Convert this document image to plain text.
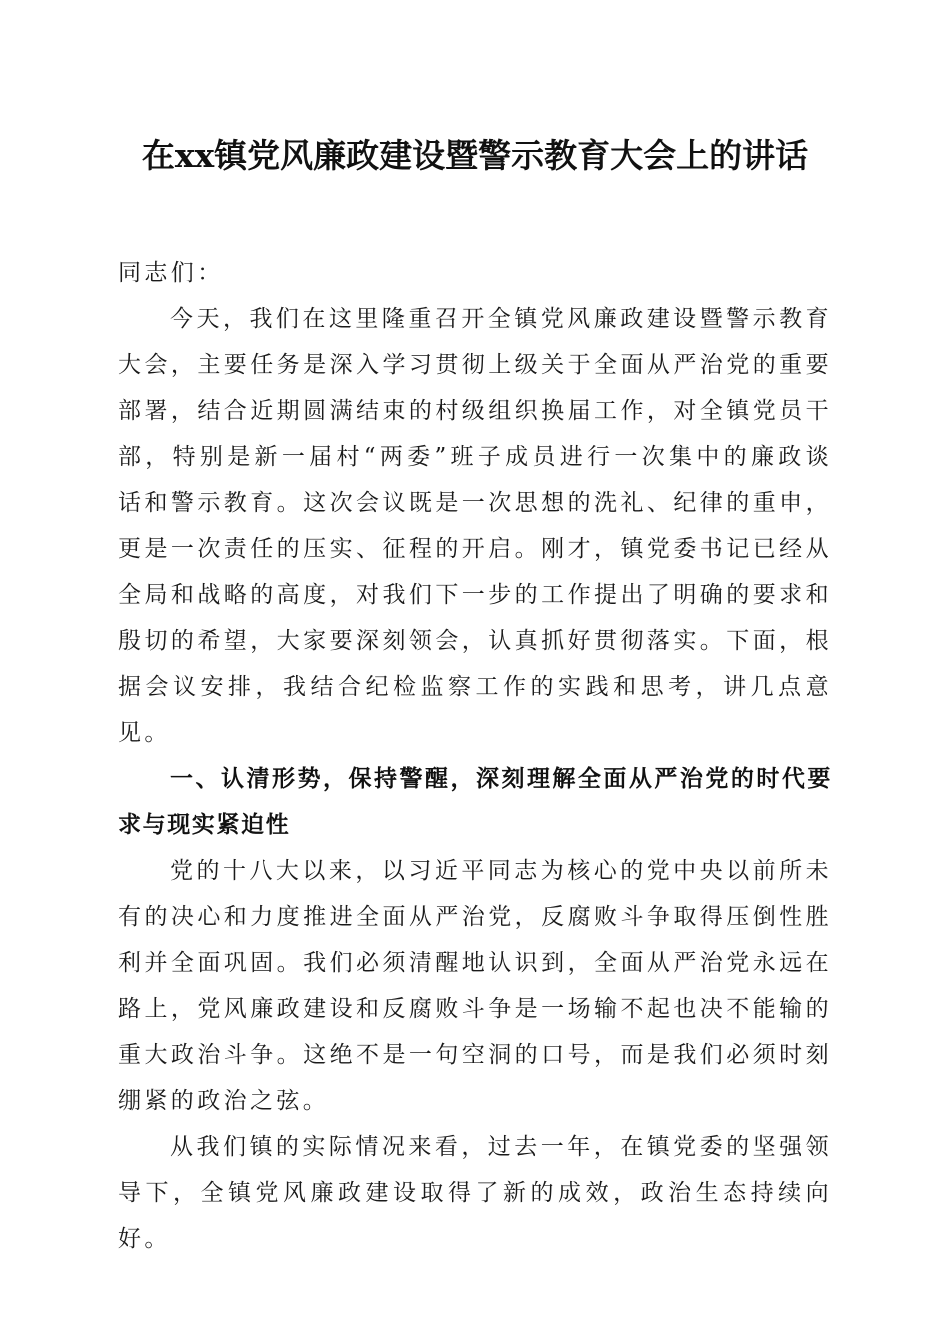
在xx镇党风廉政建设暨警示教育大会上的讲话

同志们：

今天，我们在这里隆重召开全镇党风廉政建设暨警示教育大会，主要任务是深入学习贯彻上级关于全面从严治党的重要部署，结合近期圆满结束的村级组织换届工作，对全镇党员干部，特别是新一届村“两委”班子成员进行一次集中的廉政谈话和警示教育。这次会议既是一次思想的洗礼、纪律的重申，更是一次责任的压实、征程的开启。刚才，镇党委书记已经从全局和战略的高度，对我们下一步的工作提出了明确的要求和殷切的希望，大家要深刻领会，认真抓好贯彻落实。下面，根据会议安排，我结合纪检监察工作的实践和思考，讲几点意见。

一、认清形势，保持警醒，深刻理解全面从严治党的时代要求与现实紧迫性

党的十八大以来，以习近平同志为核心的党中央以前所未有的决心和力度推进全面从严治党，反腐败斗争取得压倒性胜利并全面巩固。我们必须清醒地认识到，全面从严治党永远在路上，党风廉政建设和反腐败斗争是一场输不起也决不能输的重大政治斗争。这绝不是一句空洞的口号，而是我们必须时刻绷紧的政治之弦。

从我们镇的实际情况来看，过去一年，在镇党委的坚强领导下，全镇党风廉政建设取得了新的成效，政治生态持续向好。
